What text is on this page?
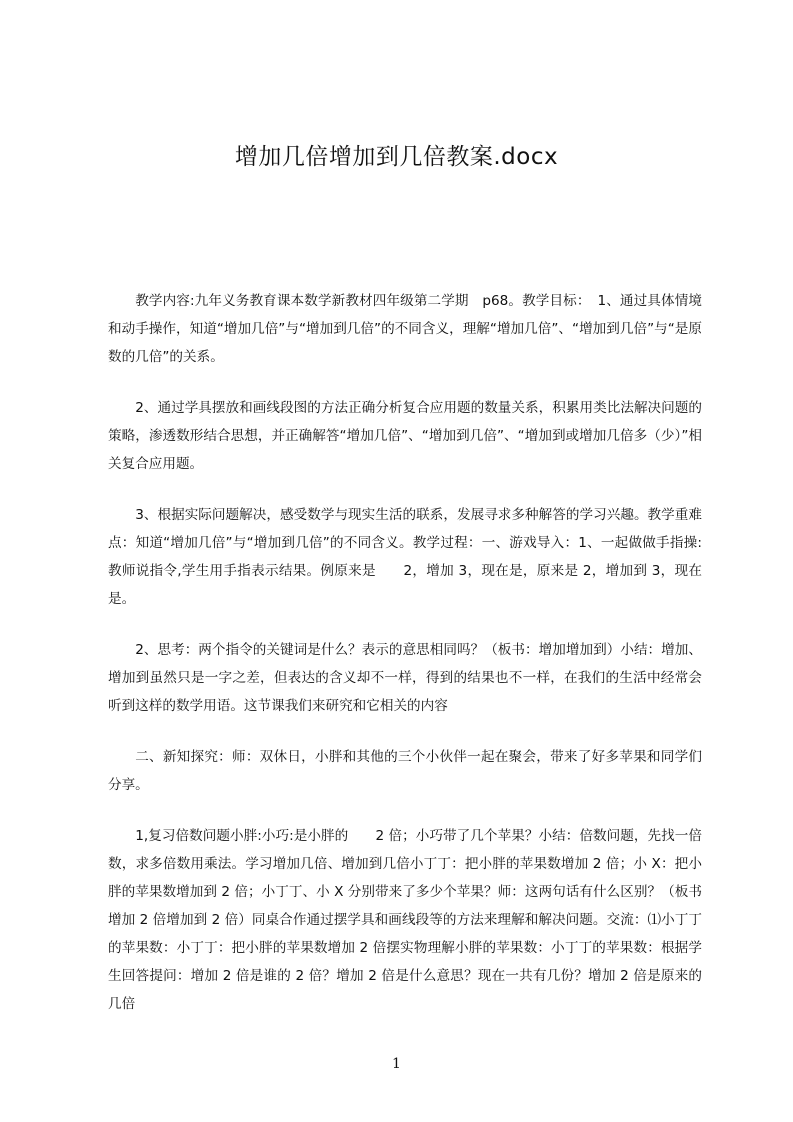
增加几倍增加到几倍教案.docx

教学内容:九年义务教育课本数学新教材四年级第二学期　p68。教学目标：　1、通过具体情境和动手操作，知道“增加几倍”与“增加到几倍”的不同含义，理解“增加几倍”、“增加到几倍”与“是原数的几倍”的关系。

2、通过学具摆放和画线段图的方法正确分析复合应用题的数量关系，积累用类比法解决问题的策略，渗透数形结合思想，并正确解答“增加几倍”、“增加到几倍”、“增加到或增加几倍多（少）”相关复合应用题。

3、根据实际问题解决，感受数学与现实生活的联系，发展寻求多种解答的学习兴趣。教学重难点：知道“增加几倍”与“增加到几倍”的不同含义。教学过程：一、游戏导入：1、一起做做手指操:教师说指令,学生用手指表示结果。例原来是　　2，增加 3，现在是，原来是 2，增加到 3，现在是。

2、思考：两个指令的关键词是什么？表示的意思相同吗？（板书：增加增加到）小结：增加、增加到虽然只是一字之差，但表达的含义却不一样，得到的结果也不一样，在我们的生活中经常会听到这样的数学用语。这节课我们来研究和它相关的内容

二、新知探究：师：双休日，小胖和其他的三个小伙伴一起在聚会，带来了好多苹果和同学们分享。

1,复习倍数问题小胖:小巧:是小胖的　　2 倍；小巧带了几个苹果？小结：倍数问题，先找一倍数，求多倍数用乘法。学习增加几倍、增加到几倍小丁丁：把小胖的苹果数增加 2 倍；小 X：把小胖的苹果数增加到 2 倍；小丁丁、小 X 分别带来了多少个苹果？师：这两句话有什么区别？（板书增加 2 倍增加到 2 倍）同桌合作通过摆学具和画线段等的方法来理解和解决问题。交流：⑴小丁丁的苹果数：小丁丁：把小胖的苹果数增加 2 倍摆实物理解小胖的苹果数：小丁丁的苹果数：根据学生回答提问：增加 2 倍是谁的 2 倍？增加 2 倍是什么意思？现在一共有几份？增加 2 倍是原来的几倍

1
